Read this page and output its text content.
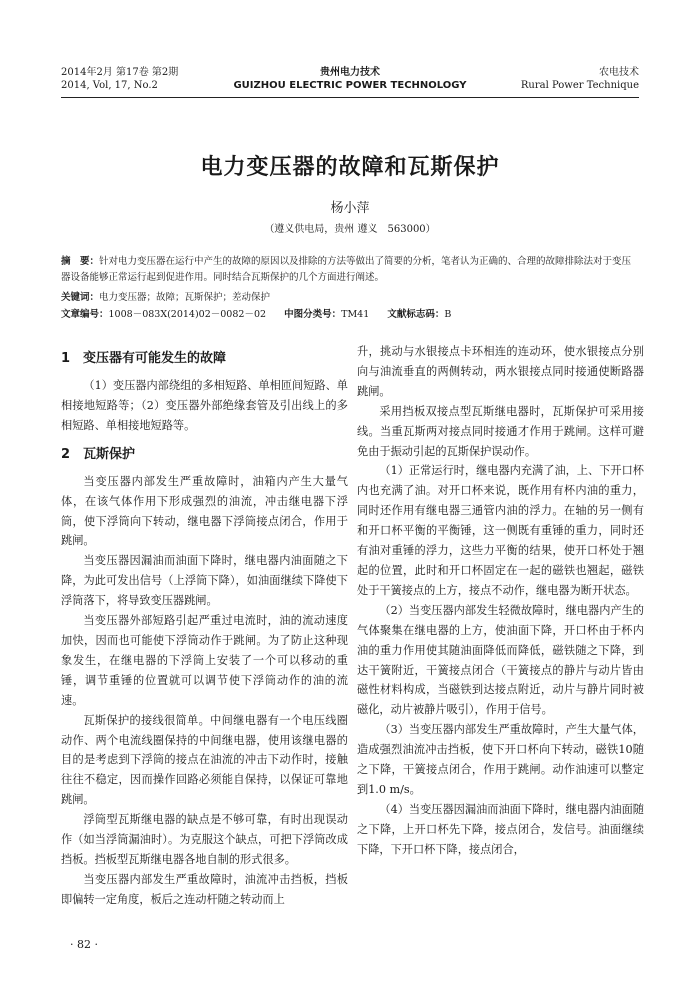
2014年2月 第17卷 第2期	贵州电力技术	农电技术
2014, Vol, 17, No.2	GUIZHOU ELECTRIC POWER TECHNOLOGY	Rural Power Technique
电力变压器的故障和瓦斯保护
杨小萍
（遵义供电局，贵州 遵义　563000）
摘　要：针对电力变压器在运行中产生的故障的原因以及排除的方法等做出了简要的分析，笔者认为正确的、合理的故障排除法对于变压器设备能够正常运行起到促进作用。同时结合瓦斯保护的几个方面进行阐述。
关键词：电力变压器；故障；瓦斯保护；差动保护
文章编号：1008－083X(2014)02－0082－02 中图分类号：TM41 文献标志码：B
1 变压器有可能发生的故障

（1）变压器内部绕组的多相短路、单相匝间短路、单相接地短路等；（2）变压器外部绝缘套管及引出线上的多相短路、单相接地短路等。

2 瓦斯保护

当变压器内部发生严重故障时，油箱内产生大量气体，在该气体作用下形成强烈的油流，冲击继电器下浮筒，使下浮筒向下转动，继电器下浮筒接点闭合，作用于跳闸。

当变压器因漏油而油面下降时，继电器内油面随之下降，为此可发出信号（上浮筒下降），如油面继续下降使下浮筒落下，将导致变压器跳闸。

当变压器外部短路引起严重过电流时，油的流动速度加快，因而也可能使下浮筒动作于跳闸。为了防止这种现象发生，在继电器的下浮筒上安装了一个可以移动的重锤，调节重锤的位置就可以调节使下浮筒动作的油的流速。

瓦斯保护的接线很简单。中间继电器有一个电压线圈动作、两个电流线圈保持的中间继电器，使用该继电器的目的是考虑到下浮筒的接点在油流的冲击下动作时，接触往往不稳定，因而操作回路必须能自保持，以保证可靠地跳闸。

浮筒型瓦斯继电器的缺点是不够可靠，有时出现误动作（如当浮筒漏油时）。为克服这个缺点，可把下浮筒改成挡板。挡板型瓦斯继电器各地自制的形式很多。

当变压器内部发生严重故障时，油流冲击挡板，挡板即偏转一定角度，板后之连动杆随之转动而上

升，挑动与水银接点卡环相连的连动环，使水银接点分别向与油流垂直的两侧转动，两水银接点同时接通使断路器跳闸。

采用挡板双接点型瓦斯继电器时，瓦斯保护可采用接线。当重瓦斯两对接点同时接通才作用于跳闸。这样可避免由于振动引起的瓦斯保护误动作。

（1）正常运行时，继电器内充满了油，上、下开口杯内也充满了油。对开口杯来说，既作用有杯内油的重力，同时还作用有继电器三通管内油的浮力。在轴的另一侧有和开口杯平衡的平衡锤，这一侧既有重锤的重力，同时还有油对重锤的浮力，这些力平衡的结果，使开口杯处于翘起的位置，此时和开口杯固定在一起的磁铁也翘起，磁铁处于干簧接点的上方，接点不动作，继电器为断开状态。

（2）当变压器内部发生轻微故障时，继电器内产生的气体聚集在继电器的上方，使油面下降，开口杯由于杯内油的重力作用使其随油面降低而降低，磁铁随之下降，到达干簧附近，干簧接点闭合（干簧接点的静片与动片皆由磁性材料构成，当磁铁到达接点附近，动片与静片同时被磁化，动片被静片吸引），作用于信号。

（3）当变压器内部发生严重故障时，产生大量气体，造成强烈油流冲击挡板，使下开口杯向下转动，磁铁10随之下降，干簧接点闭合，作用于跳闸。动作油速可以整定到1.0 m/s。

（4）当变压器因漏油而油面下降时，继电器内油面随之下降，上开口杯先下降，接点闭合，发信号。油面继续下降，下开口杯下降，接点闭合，

· 82 ·
